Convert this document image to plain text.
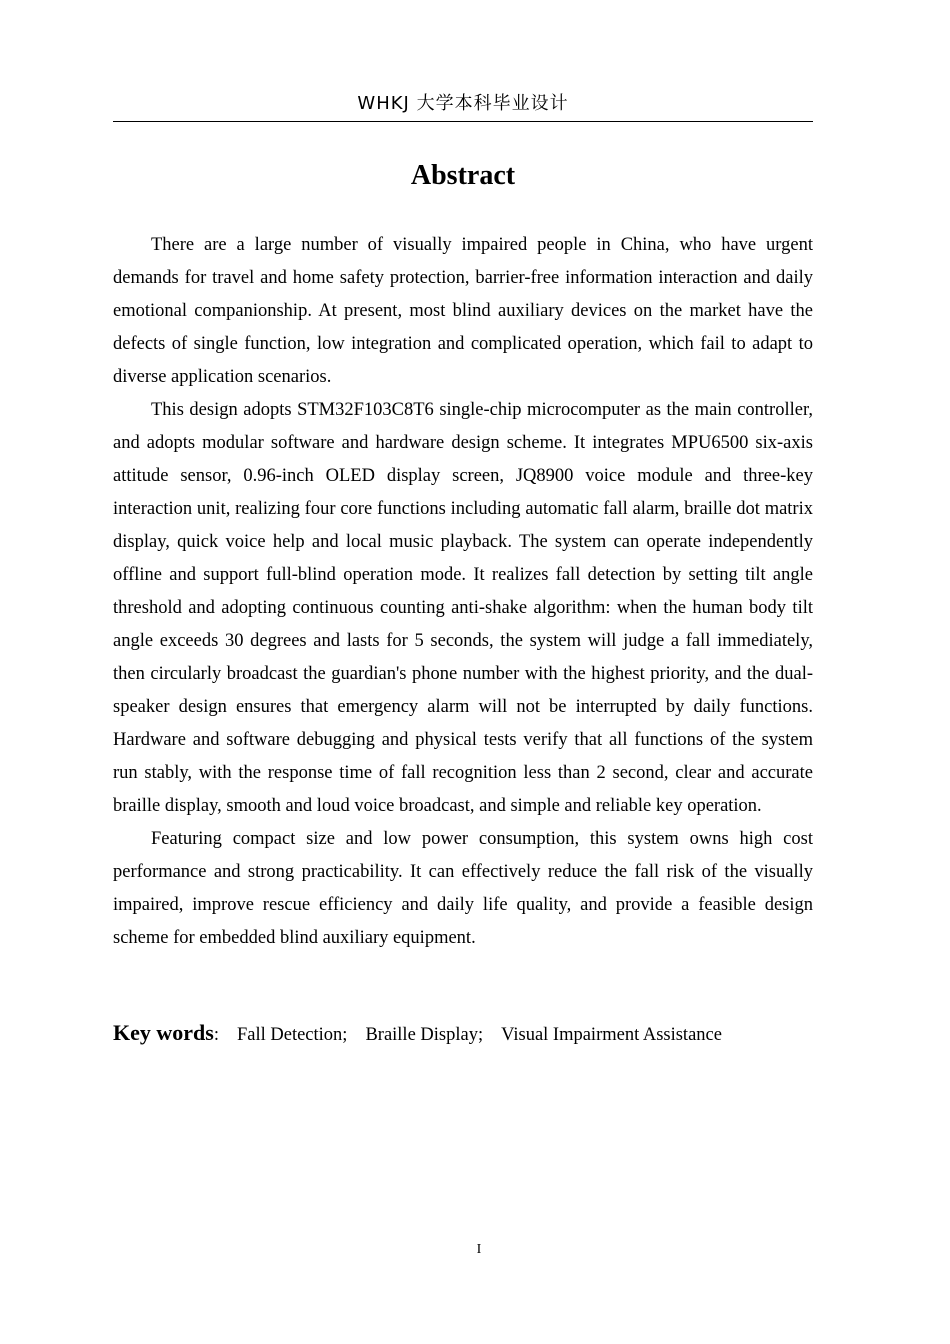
WHKJ 大学本科毕业设计
Abstract

There are a large number of visually impaired people in China, who have urgent demands for travel and home safety protection, barrier-free information interaction and daily emotional companionship. At present, most blind auxiliary devices on the market have the defects of single function, low integration and complicated operation, which fail to adapt to diverse application scenarios.

This design adopts STM32F103C8T6 single-chip microcomputer as the main controller, and adopts modular software and hardware design scheme. It integrates MPU6500 six-axis attitude sensor, 0.96-inch OLED display screen, JQ8900 voice module and three-key interaction unit, realizing four core functions including automatic fall alarm, braille dot matrix display, quick voice help and local music playback. The system can operate independently offline and support full-blind operation mode. It realizes fall detection by setting tilt angle threshold and adopting continuous counting anti-shake algorithm: when the human body tilt angle exceeds 30 degrees and lasts for 5 seconds, the system will judge a fall immediately, then circularly broadcast the guardian's phone number with the highest priority, and the dual-speaker design ensures that emergency alarm will not be interrupted by daily functions. Hardware and software debugging and physical tests verify that all functions of the system run stably, with the response time of fall recognition less than 2 second, clear and accurate braille display, smooth and loud voice broadcast, and simple and reliable key operation.

Featuring compact size and low power consumption, this system owns high cost performance and strong practicability. It can effectively reduce the fall risk of the visually impaired, improve rescue efficiency and daily life quality, and provide a feasible design scheme for embedded blind auxiliary equipment.

Key words: Fall Detection; Braille Display; Visual Impairment Assistance
I
